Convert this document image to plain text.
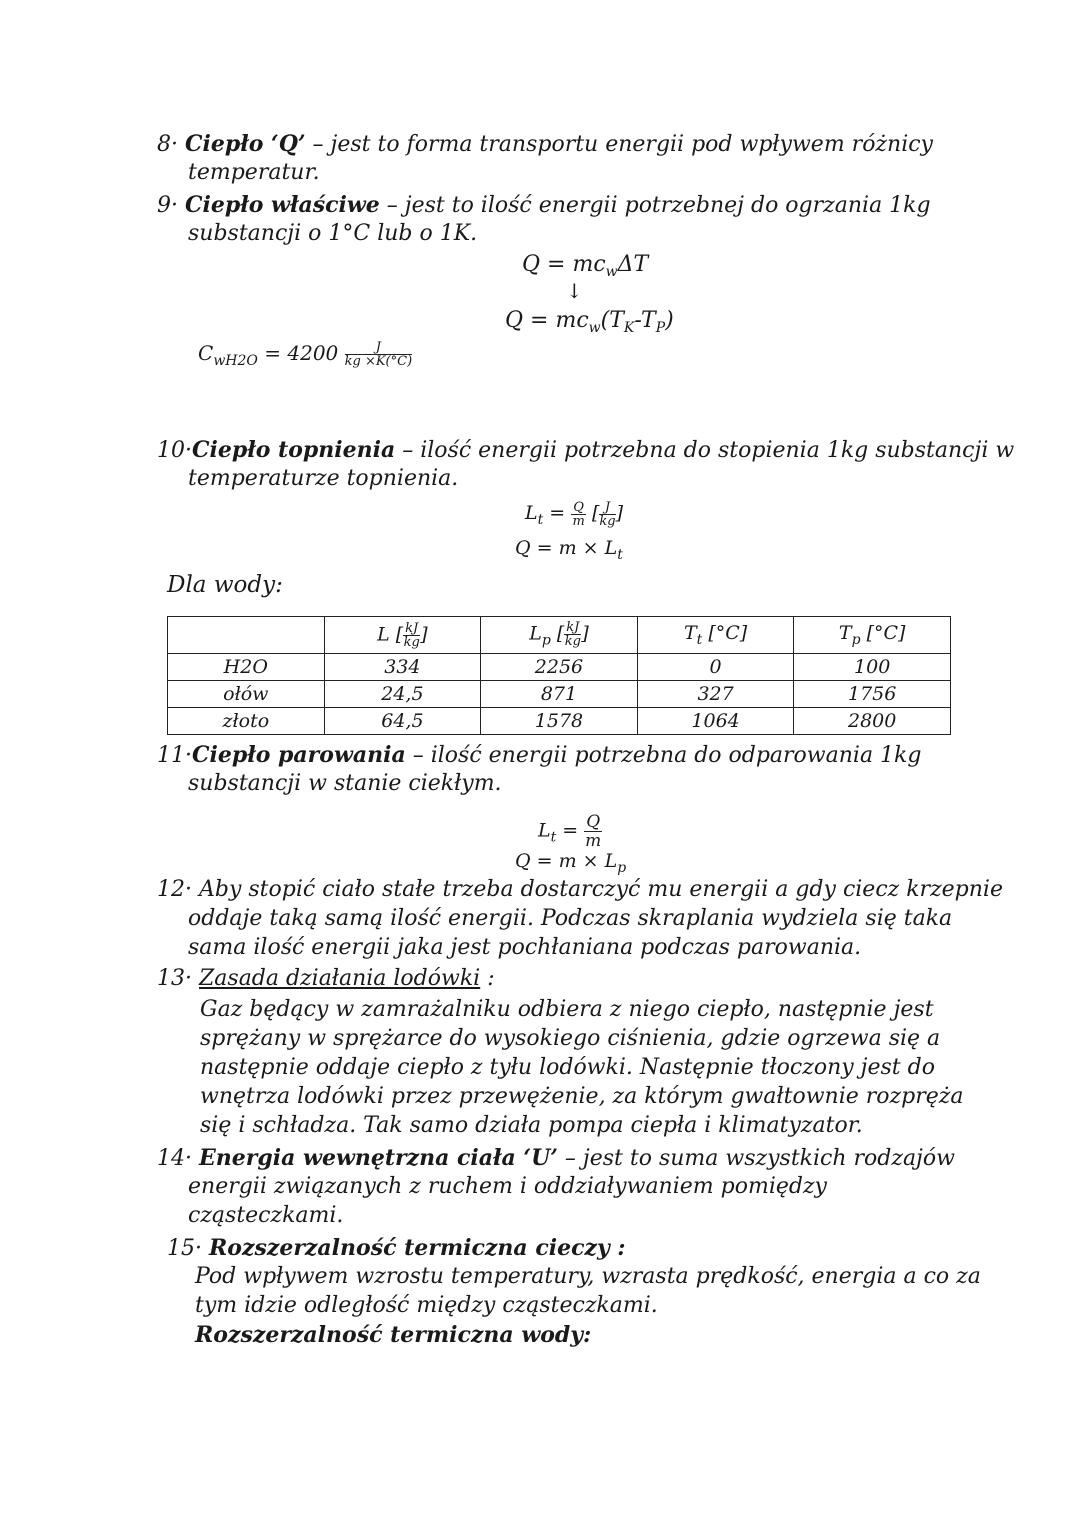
8· Ciepło ‘Q’ – jest to forma transportu energii pod wpływem różnicy
temperatur.
9· Ciepło właściwe – jest to ilość energii potrzebnej do ogrzania 1kg
substancji o 1°C lub o 1K.
$Q = mc_w\Delta T$
↓
$Q = mc_w(T_K-T_P)$
$C_{wH2O} = 4200 \frac{J}{kg \times K(^\circ C)}$
10·Ciepło topnienia – ilość energii potrzebna do stopienia 1kg substancji w
temperaturze topnienia.
$L_t = \frac{Q}{m}$ [ $\frac{J}{kg}$ ]
$Q = m \times L_t$
Dla wody:
	L [ $\frac{kJ}{kg}$ ]	$L_p$ [ $\frac{kJ}{kg}$ ]	$T_t$ [°C]	$T_p$ [°C]
H2O	334	2256	0	100
ołów	24,5	871	327	1756
złoto	64,5	1578	1064	2800
11·Ciepło parowania – ilość energii potrzebna do odparowania 1kg
substancji w stanie ciekłym.
$L_t = \frac{Q}{m}$
$Q = m \times L_p$
12· Aby stopić ciało stałe trzeba dostarczyć mu energii a gdy ciecz krzepnie
oddaje taką samą ilość energii. Podczas skraplania wydziela się taka
sama ilość energii jaka jest pochłaniana podczas parowania.
13· Zasada działania lodówki :
Gaz będący w zamrażalniku odbiera z niego ciepło, następnie jest
sprężany w sprężarce do wysokiego ciśnienia, gdzie ogrzewa się a
następnie oddaje ciepło z tyłu lodówki. Następnie tłoczony jest do
wnętrza lodówki przez przewężenie, za którym gwałtownie rozpręża
się i schładza. Tak samo działa pompa ciepła i klimatyzator.
14· Energia wewnętrzna ciała ‘U’ – jest to suma wszystkich rodzajów
energii związanych z ruchem i oddziaływaniem pomiędzy
cząsteczkami.
15· Rozszerzalność termiczna cieczy :
Pod wpływem wzrostu temperatury, wzrasta prędkość, energia a co za
tym idzie odległość między cząsteczkami.
Rozszerzalność termiczna wody:
